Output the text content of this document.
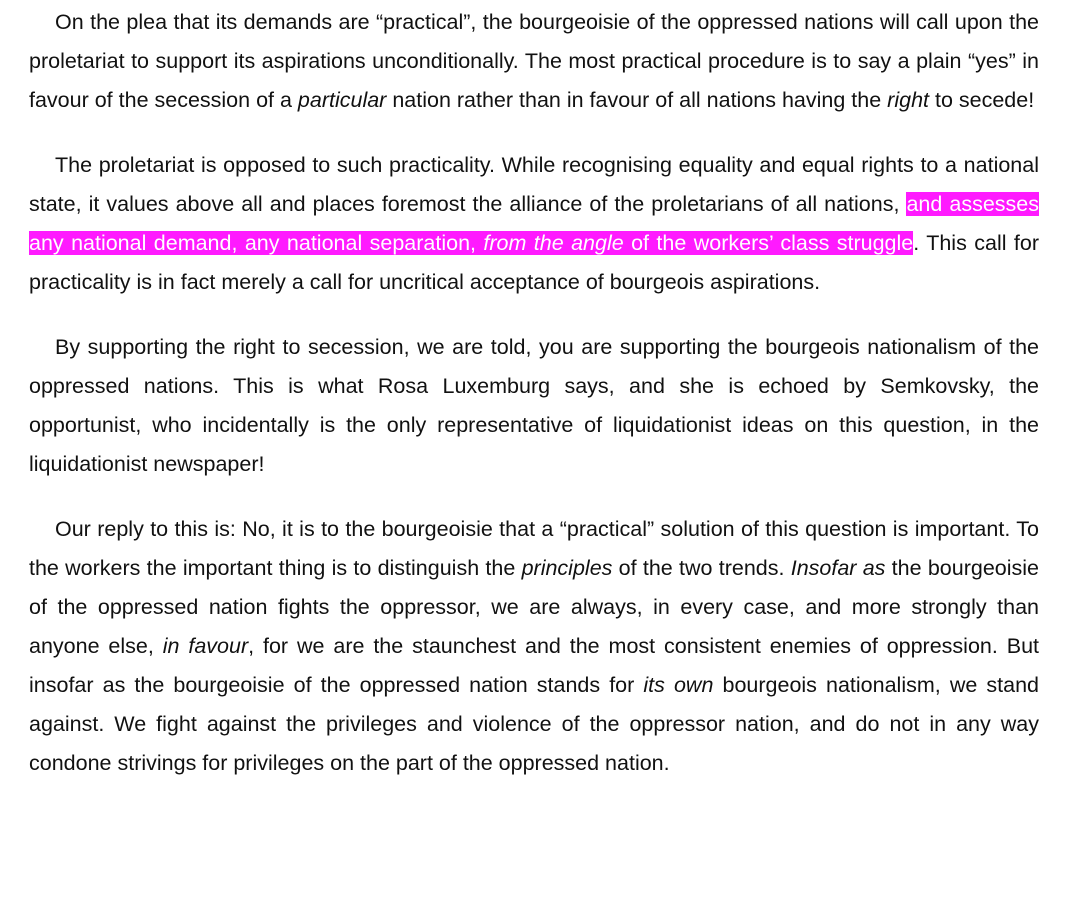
On the plea that its demands are “practical”, the bourgeoisie of the oppressed nations will call upon the proletariat to support its aspirations unconditionally. The most practical procedure is to say a plain “yes” in favour of the secession of a particular nation rather than in favour of all nations having the right to secede!

The proletariat is opposed to such practicality. While recognising equality and equal rights to a national state, it values above all and places foremost the alliance of the proletarians of all nations, and assesses any national demand, any national separation, from the angle of the workers’ class struggle. This call for practicality is in fact merely a call for uncritical acceptance of bourgeois aspirations.

By supporting the right to secession, we are told, you are supporting the bourgeois nationalism of the oppressed nations. This is what Rosa Luxemburg says, and she is echoed by Semkovsky, the opportunist, who incidentally is the only representative of liquidationist ideas on this question, in the liquidationist newspaper!

Our reply to this is: No, it is to the bourgeoisie that a “practical” solution of this question is important. To the workers the important thing is to distinguish the principles of the two trends. Insofar as the bourgeoisie of the oppressed nation fights the oppressor, we are always, in every case, and more strongly than anyone else, in favour, for we are the staunchest and the most consistent enemies of oppression. But insofar as the bourgeoisie of the oppressed nation stands for its own bourgeois nationalism, we stand against. We fight against the privileges and violence of the oppressor nation, and do not in any way condone strivings for privileges on the part of the oppressed nation.
